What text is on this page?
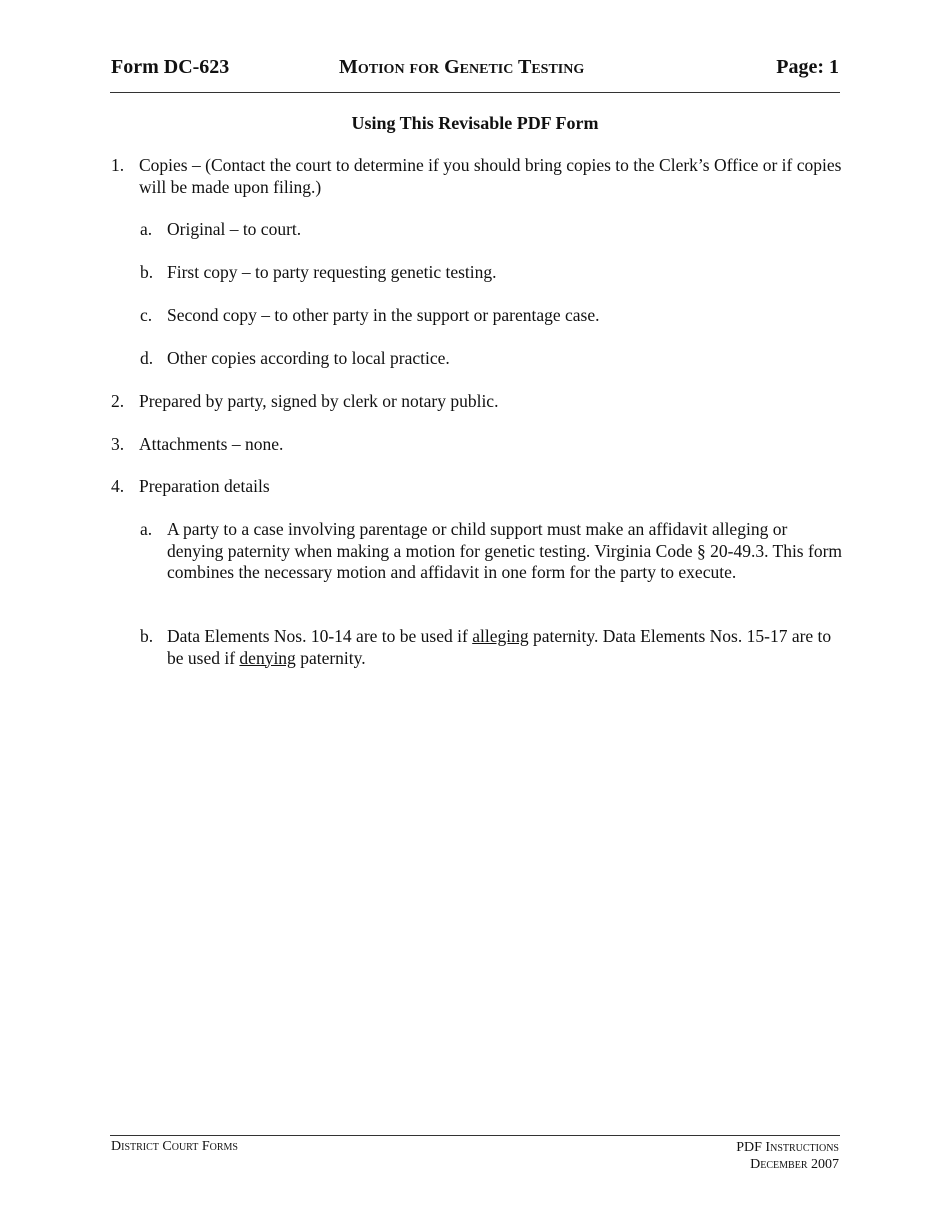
Form DC-623	Motion for Genetic Testing	Page: 1
Using This Revisable PDF Form
1. Copies – (Contact the court to determine if you should bring copies to the Clerk’s Office or if copies will be made upon filing.)
a. Original – to court.
b. First copy – to party requesting genetic testing.
c. Second copy – to other party in the support or parentage case.
d. Other copies according to local practice.
2. Prepared by party, signed by clerk or notary public.
3. Attachments – none.
4. Preparation details
a. A party to a case involving parentage or child support must make an affidavit alleging or denying paternity when making a motion for genetic testing. Virginia Code § 20-49.3. This form combines the necessary motion and affidavit in one form for the party to execute.
b. Data Elements Nos. 10-14 are to be used if alleging paternity. Data Elements Nos. 15-17 are to be used if denying paternity.
District Court Forms	PDF Instructions
December 2007
